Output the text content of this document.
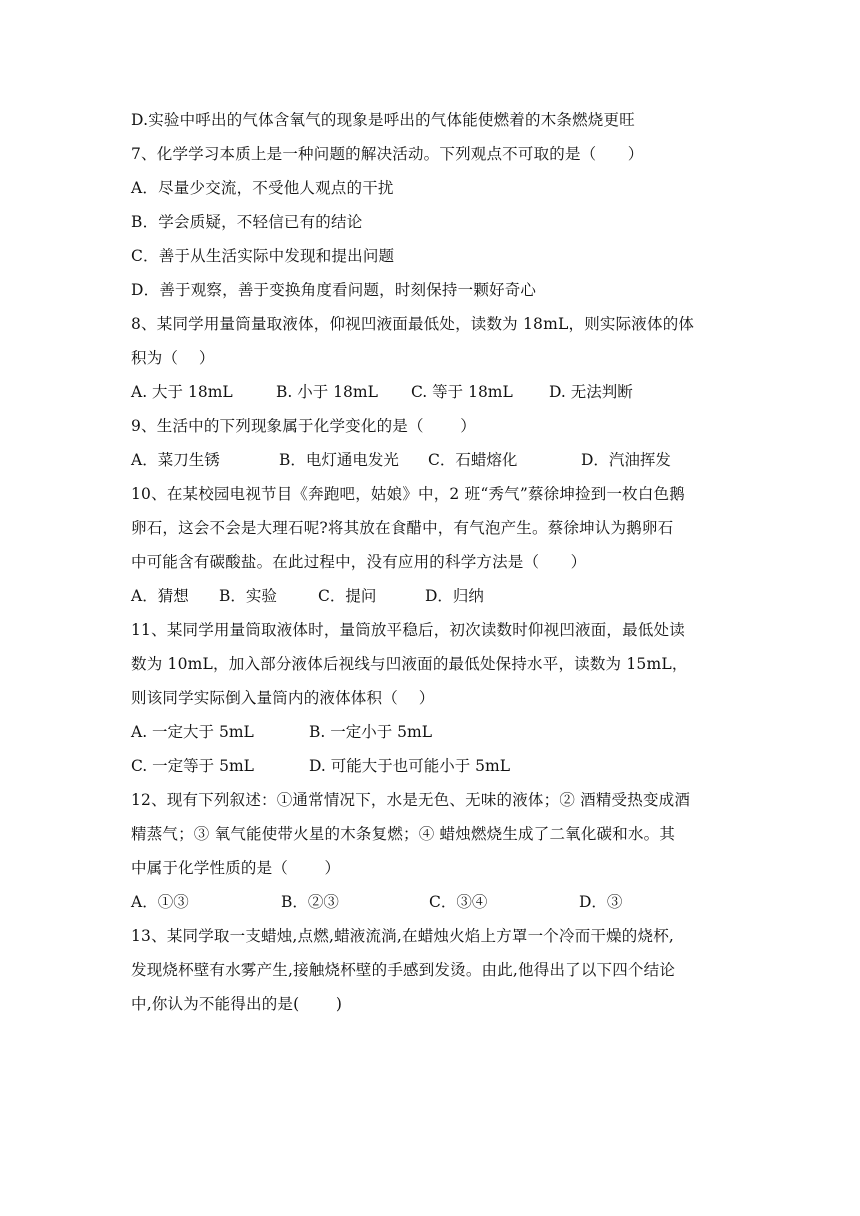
D.实验中呼出的气体含氧气的现象是呼出的气体能使燃着的木条燃烧更旺
7、化学学习本质上是一种问题的解决活动。下列观点不可取的是（　　）
A．尽量少交流，不受他人观点的干扰
B．学会质疑，不轻信已有的结论
C．善于从生活实际中发现和提出问题
D．善于观察，善于变换角度看问题，时刻保持一颗好奇心
8、某同学用量筒量取液体，仰视凹液面最低处，读数为 18mL，则实际液体的体
积为（　 ）

A. 大于 18mL

	B. 小于 18mL

C. 等于 18mL

D. 无法判断

9、生活中的下列现象属于化学变化的是（　　 ）

A．菜刀生锈

	B．电灯通电发光

C．石蜡熔化

	D．汽油挥发

10、在某校园电视节目《奔跑吧，姑娘》中，2 班“秀气”蔡徐坤捡到一枚白色鹅
卵石，这会不会是大理石呢?将其放在食醋中，有气泡产生。蔡徐坤认为鹅卵石
中可能含有碳酸盐。在此过程中，没有应用的科学方法是（　　）

A．猜想

B．实验

	C．提问

	D．归纳

11、某同学用量筒取液体时，量筒放平稳后，初次读数时仰视凹液面，最低处读
数为 10mL，加入部分液体后视线与凹液面的最低处保持水平，读数为 15mL，
则该同学实际倒入量筒内的液体体积（　 ）

A. 一定大于 5mL

	B. 一定小于 5mL

C. 一定等于 5mL

	D. 可能大于也可能小于 5mL

12、现有下列叙述：①通常情况下，水是无色、无味的液体；② 酒精受热变成酒
精蒸气；③ 氧气能使带火星的木条复燃；④ 蜡烛燃烧生成了二氧化碳和水。其
中属于化学性质的是（　　 ）

A．①③

	B．②③

	C．③④

	D．③

13、某同学取一支蜡烛,点燃,蜡液流淌,在蜡烛火焰上方罩一个冷而干燥的烧杯,
发现烧杯壁有水雾产生,接触烧杯壁的手感到发烫。由此,他得出了以下四个结论
中,你认为不能得出的是(　　 )
